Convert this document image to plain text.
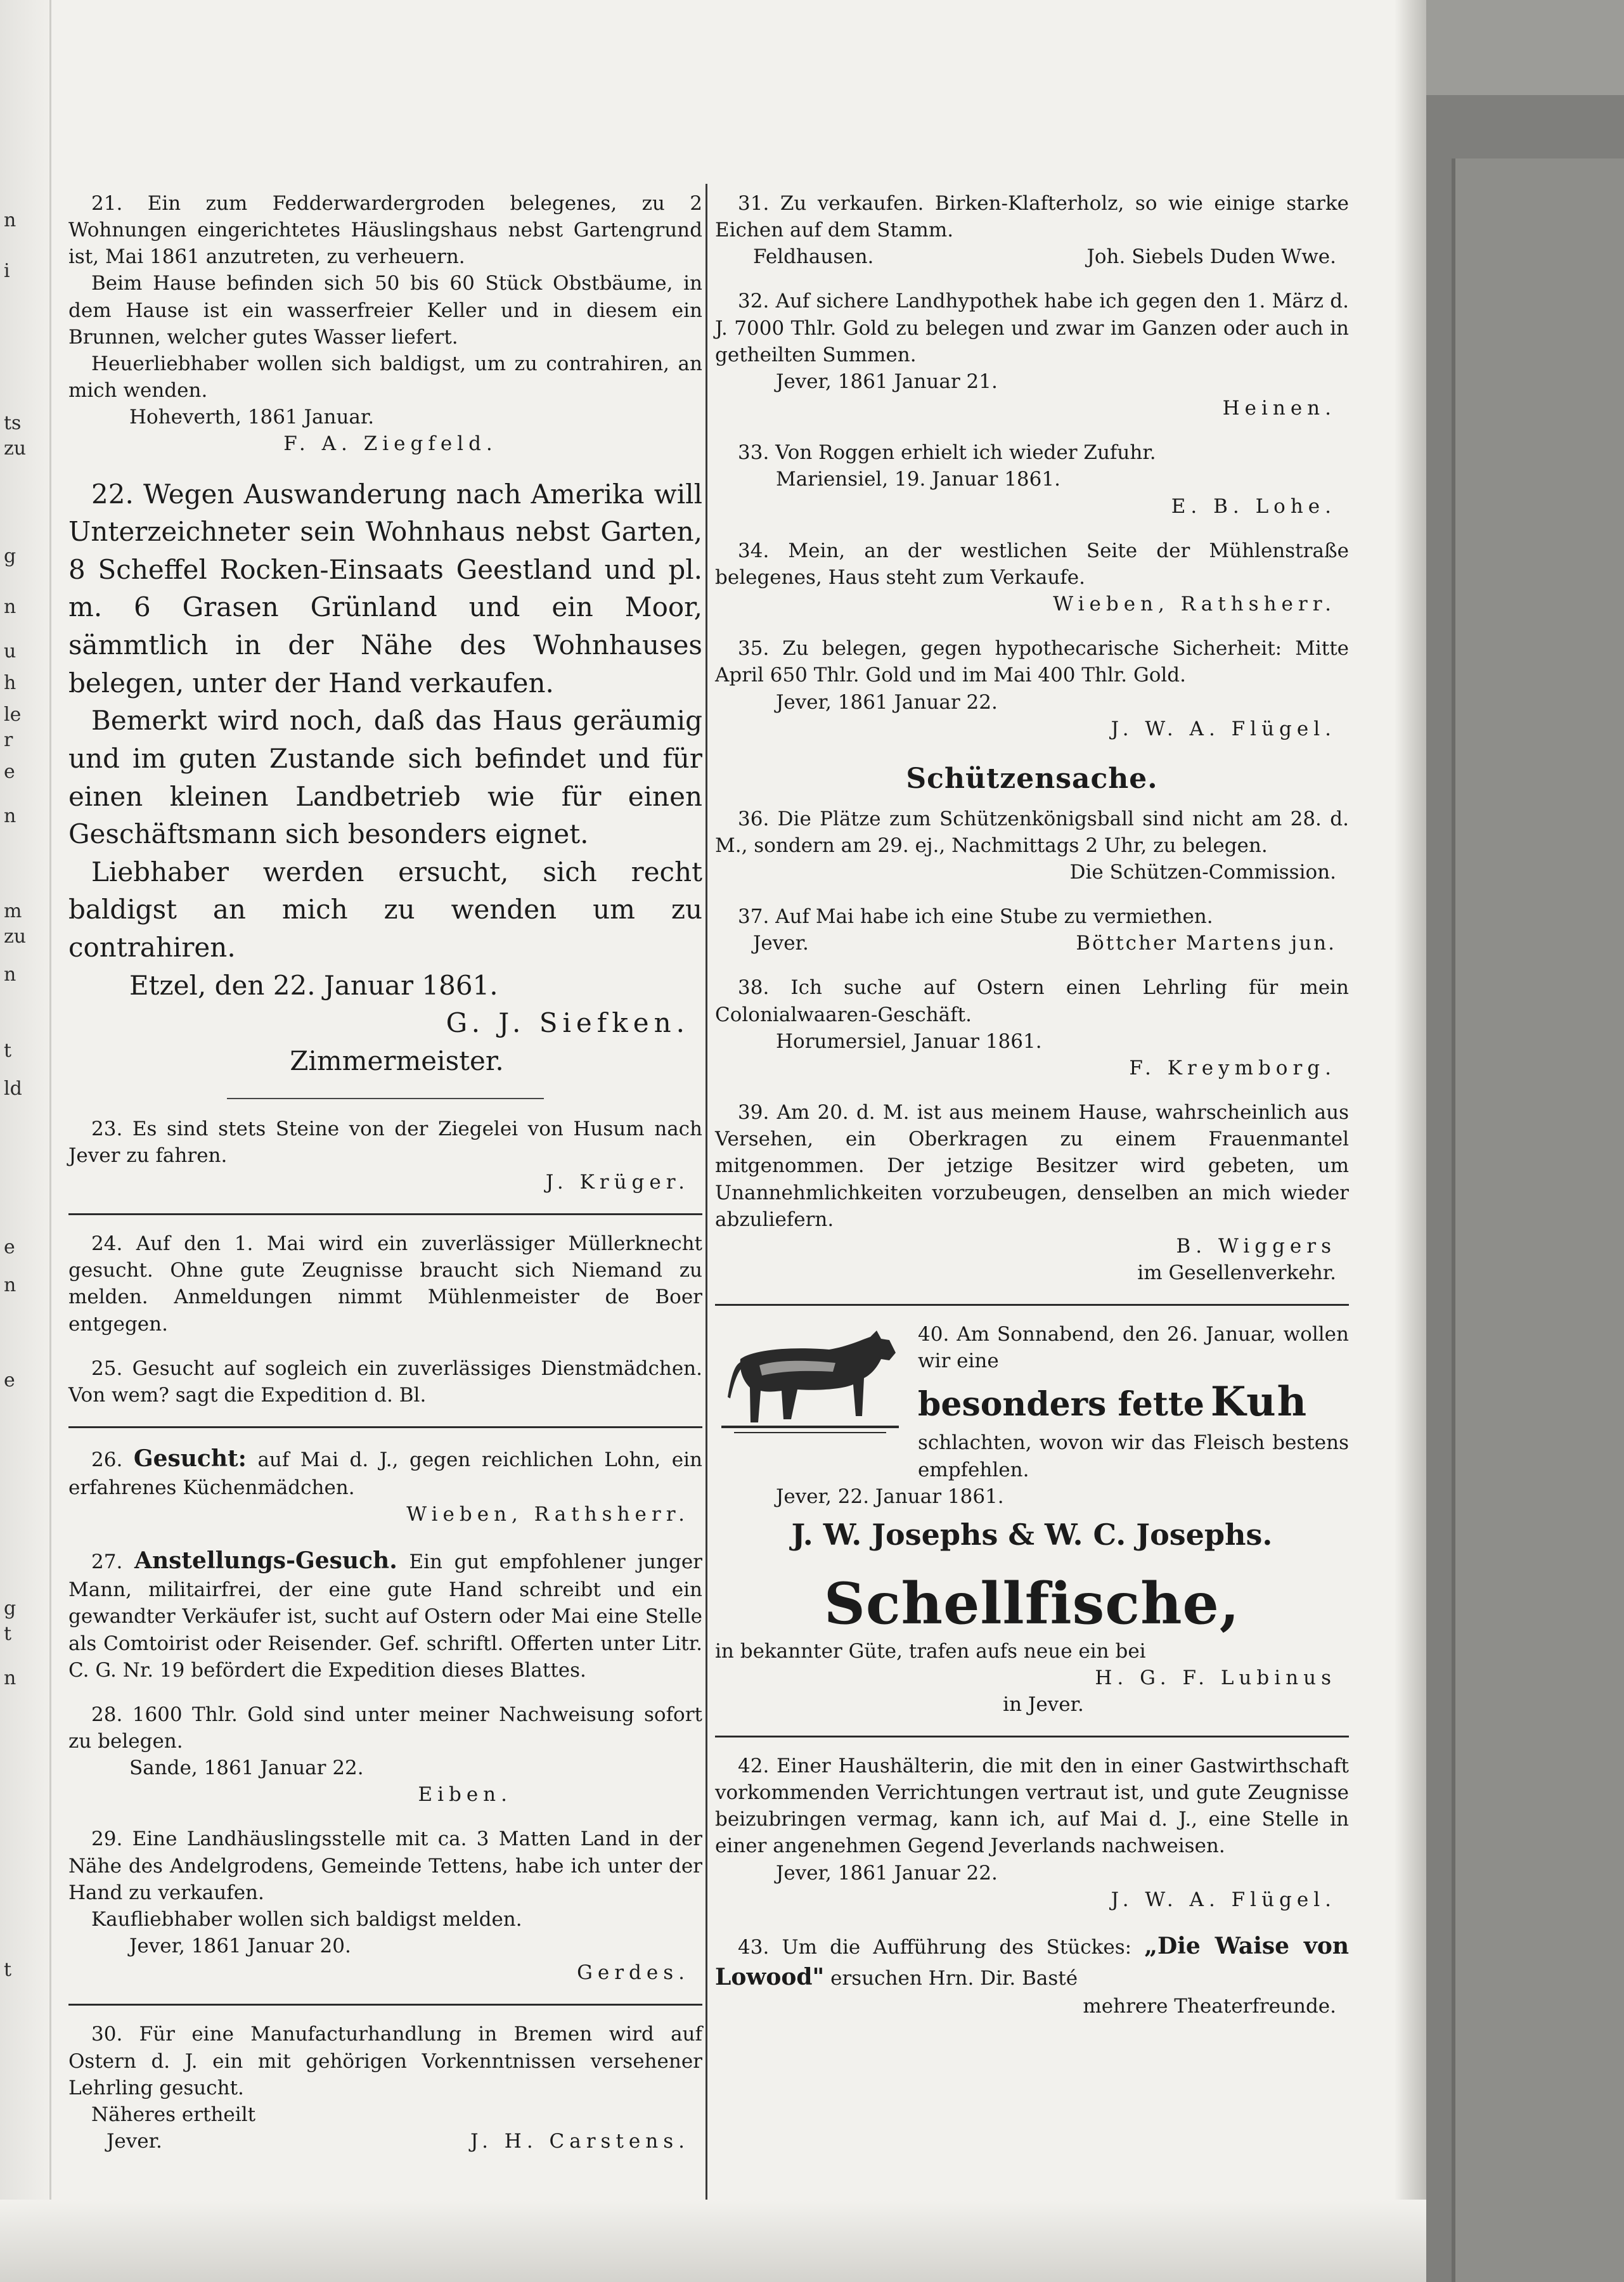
n
i
ts
zu
g
n
u
h
le
r
e
n
m
zu
n
t
ld
e
n
e
g
t
n
t

21. Ein zum Fedderwardergroden belegenes, zu 2 Wohnungen eingerichtetes Häuslingshaus nebst Gartengrund ist, Mai 1861 anzutreten, zu verheuern.

Beim Hause befinden sich 50 bis 60 Stück Obstbäume, in dem Hause ist ein wasserfreier Keller und in diesem ein Brunnen, welcher gutes Wasser liefert.

Heuerliebhaber wollen sich baldigst, um zu contrahiren, an mich wenden.

Hoheverth, 1861 Januar.

F. A. Ziegfeld.

22. Wegen Auswanderung nach Amerika will Unterzeichneter sein Wohnhaus nebst Garten, 8 Scheffel Rocken-Einsaats Geestland und pl. m. 6 Grasen Grünland und ein Moor, sämmtlich in der Nähe des Wohnhauses belegen, unter der Hand verkaufen.

Bemerkt wird noch, daß das Haus geräumig und im guten Zustande sich befindet und für einen kleinen Landbetrieb wie für einen Geschäftsmann sich besonders eignet.

Liebhaber werden ersucht, sich recht baldigst an mich zu wenden um zu contrahiren.

Etzel, den 22. Januar 1861.

G. J. Siefken.

Zimmermeister.

23. Es sind stets Steine von der Ziegelei von Husum nach Jever zu fahren.

J. Krüger.

24. Auf den 1. Mai wird ein zuverlässiger Müllerknecht gesucht. Ohne gute Zeugnisse braucht sich Niemand zu melden. Anmeldungen nimmt Mühlenmeister de Boer entgegen.

25. Gesucht auf sogleich ein zuverlässiges Dienstmädchen. Von wem? sagt die Expedition d. Bl.

26. Gesucht: auf Mai d. J., gegen reichlichen Lohn, ein erfahrenes Küchenmädchen.

Wieben, Rathsherr.

27. Anstellungs-Gesuch. Ein gut empfohlener junger Mann, militairfrei, der eine gute Hand schreibt und ein gewandter Verkäufer ist, sucht auf Ostern oder Mai eine Stelle als Comtoirist oder Reisender. Gef. schriftl. Offerten unter Litr. C. G. Nr. 19 befördert die Expedition dieses Blattes.

28. 1600 Thlr. Gold sind unter meiner Nachweisung sofort zu belegen.

Sande, 1861 Januar 22.

Eiben.

29. Eine Landhäuslingsstelle mit ca. 3 Matten Land in der Nähe des Andelgrodens, Gemeinde Tettens, habe ich unter der Hand zu verkaufen.

Kaufliebhaber wollen sich baldigst melden.

Jever, 1861 Januar 20.

Gerdes.

30. Für eine Manufacturhandlung in Bremen wird auf Ostern d. J. ein mit gehörigen Vorkenntnissen versehener Lehrling gesucht.

Näheres ertheilt

Jever.	J. H. Carstens.

31. Zu verkaufen. Birken-Klafterholz, so wie einige starke Eichen auf dem Stamm.

Feldhausen.	Joh. Siebels Duden Wwe.

32. Auf sichere Landhypothek habe ich gegen den 1. März d. J. 7000 Thlr. Gold zu belegen und zwar im Ganzen oder auch in getheilten Summen.

Jever, 1861 Januar 21.

Heinen.

33. Von Roggen erhielt ich wieder Zufuhr.

Mariensiel, 19. Januar 1861.

E. B. Lohe.

34. Mein, an der westlichen Seite der Mühlenstraße belegenes, Haus steht zum Verkaufe.

Wieben, Rathsherr.

35. Zu belegen, gegen hypothecarische Sicherheit: Mitte April 650 Thlr. Gold und im Mai 400 Thlr. Gold.

Jever, 1861 Januar 22.

J. W. A. Flügel.

Schützensache.

36. Die Plätze zum Schützenkönigsball sind nicht am 28. d. M., sondern am 29. ej., Nachmittags 2 Uhr, zu belegen.

Die Schützen-Commission.

37. Auf Mai habe ich eine Stube zu vermiethen.

Jever.	Böttcher Martens jun.

38. Ich suche auf Ostern einen Lehrling für mein Colonialwaaren-Geschäft.

Horumersiel, Januar 1861.

F. Kreymborg.

39. Am 20. d. M. ist aus meinem Hause, wahrscheinlich aus Versehen, ein Oberkragen zu einem Frauenmantel mitgenommen. Der jetzige Besitzer wird gebeten, um Unannehmlichkeiten vorzubeugen, denselben an mich wieder abzuliefern.

B. Wiggers

im Gesellenverkehr.

40. Am Sonnabend, den 26. Januar, wollen wir eine

besonders fette Kuh

schlachten, wovon wir das Fleisch bestens empfehlen.

Jever, 22. Januar 1861.

J. W. Josephs & W. C. Josephs.
Schellfische,

in bekannter Güte, trafen aufs neue ein bei

H. G. F. Lubinus

in Jever.

42. Einer Haushälterin, die mit den in einer Gastwirthschaft vorkommenden Verrichtungen vertraut ist, und gute Zeugnisse beizubringen vermag, kann ich, auf Mai d. J., eine Stelle in einer angenehmen Gegend Jeverlands nachweisen.

Jever, 1861 Januar 22.

J. W. A. Flügel.

43. Um die Aufführung des Stückes: „Die Waise von Lowood" ersuchen Hrn. Dir. Basté

mehrere Theaterfreunde.
